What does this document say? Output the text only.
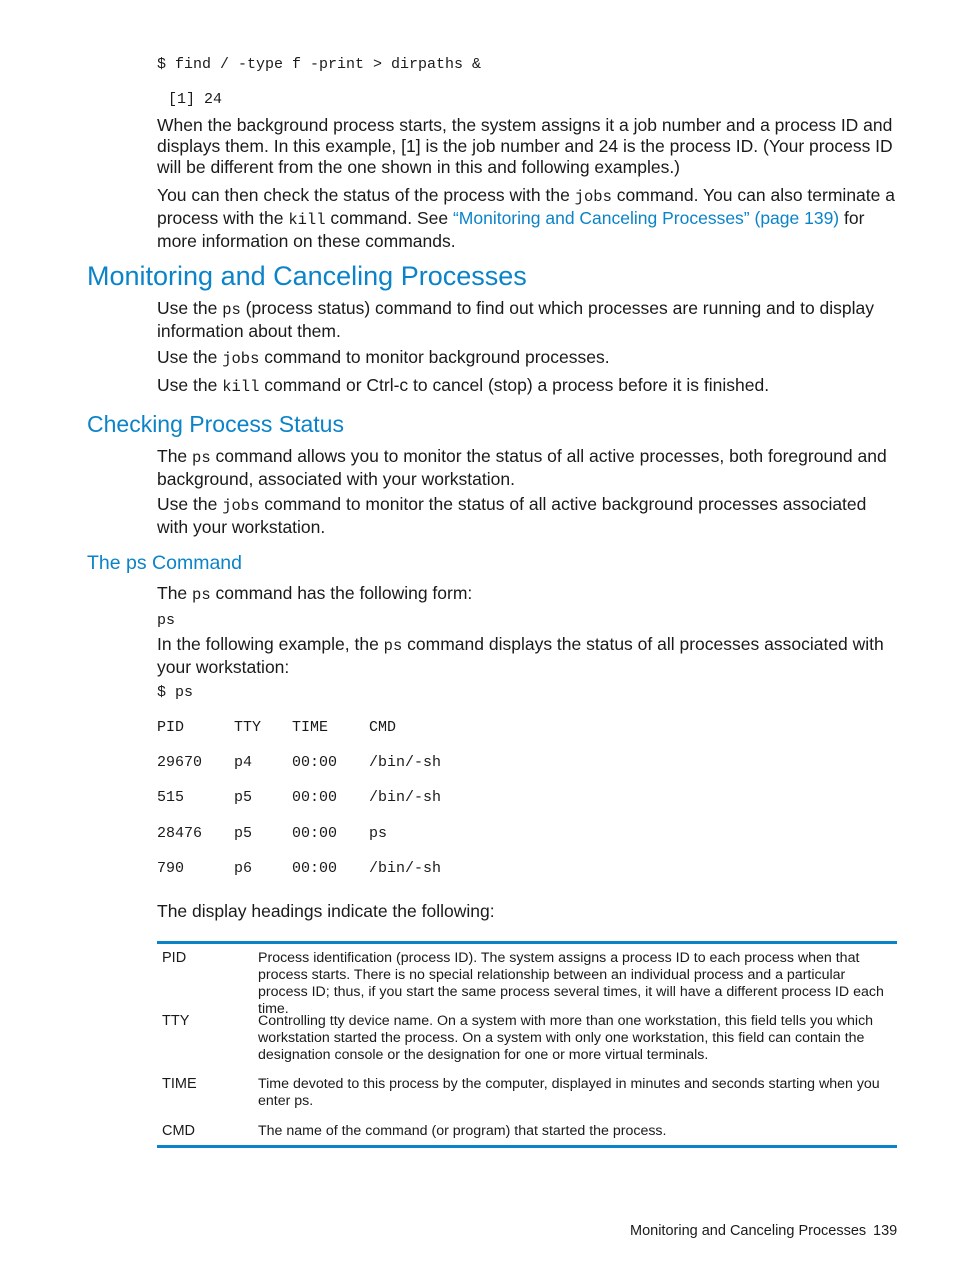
$ find / -type f -print > dirpaths &
[1] 24
When the background process starts, the system assigns it a job number and a process ID and displays them. In this example, [1] is the job number and 24 is the process ID. (Your process ID will be different from the one shown in this and following examples.)
You can then check the status of the process with the jobs command. You can also terminate a process with the kill command. See “Monitoring and Canceling Processes” (page 139) for more information on these commands.
Monitoring and Canceling Processes
Use the ps (process status) command to find out which processes are running and to display information about them.
Use the jobs command to monitor background processes.
Use the kill command or Ctrl-c to cancel (stop) a process before it is finished.
Checking Process Status
The ps command allows you to monitor the status of all active processes, both foreground and background, associated with your workstation.
Use the jobs command to monitor the status of all active background processes associated with your workstation.
The ps Command
The ps command has the following form:
ps
In the following example, the ps command displays the status of all processes associated with your workstation:
$ ps
PID	TTY TIME	CMD
29670 p4	00:00 /bin/-sh
515	p5	00:00 /bin/-sh
28476 p5	00:00 ps
790	p6	00:00 /bin/-sh
The display headings indicate the following:
PID	Process identification (process ID). The system assigns a process ID to each process when that process starts. There is no special relationship between an individual process and a particular process ID; thus, if you start the same process several times, it will have a different process ID each time.
TTY	Controlling tty device name. On a system with more than one workstation, this field tells you which workstation started the process. On a system with only one workstation, this field can contain the designation console or the designation for one or more virtual terminals.
TIME	Time devoted to this process by the computer, displayed in minutes and seconds starting when you enter ps.
CMD	The name of the command (or program) that started the process.
Monitoring and Canceling Processes 139
